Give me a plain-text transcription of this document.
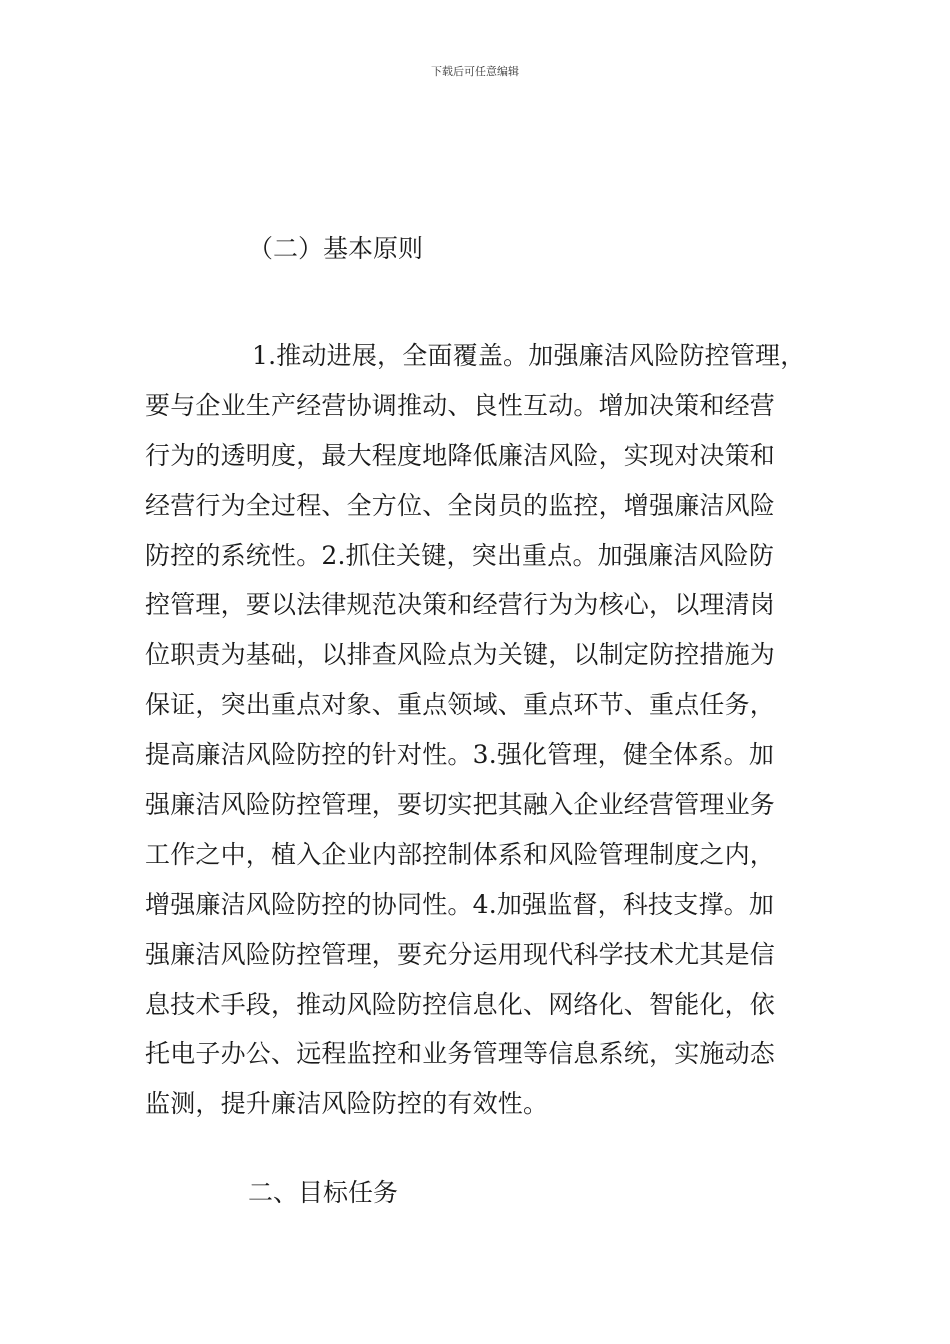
下载后可任意编辑
（二）基本原则
1.推动进展，全面覆盖。加强廉洁风险防控管理，
要与企业生产经营协调推动、良性互动。增加决策和经营
行为的透明度，最大程度地降低廉洁风险，实现对决策和
经营行为全过程、全方位、全岗员的监控，增强廉洁风险
防控的系统性。2.抓住关键，突出重点。加强廉洁风险防
控管理，要以法律规范决策和经营行为为核心，以理清岗
位职责为基础，以排查风险点为关键，以制定防控措施为
保证，突出重点对象、重点领域、重点环节、重点任务，
提高廉洁风险防控的针对性。3.强化管理，健全体系。加
强廉洁风险防控管理，要切实把其融入企业经营管理业务
工作之中，植入企业内部控制体系和风险管理制度之内，
增强廉洁风险防控的协同性。4.加强监督，科技支撑。加
强廉洁风险防控管理，要充分运用现代科学技术尤其是信
息技术手段，推动风险防控信息化、网络化、智能化，依
托电子办公、远程监控和业务管理等信息系统，实施动态
监测，提升廉洁风险防控的有效性。
二、目标任务
